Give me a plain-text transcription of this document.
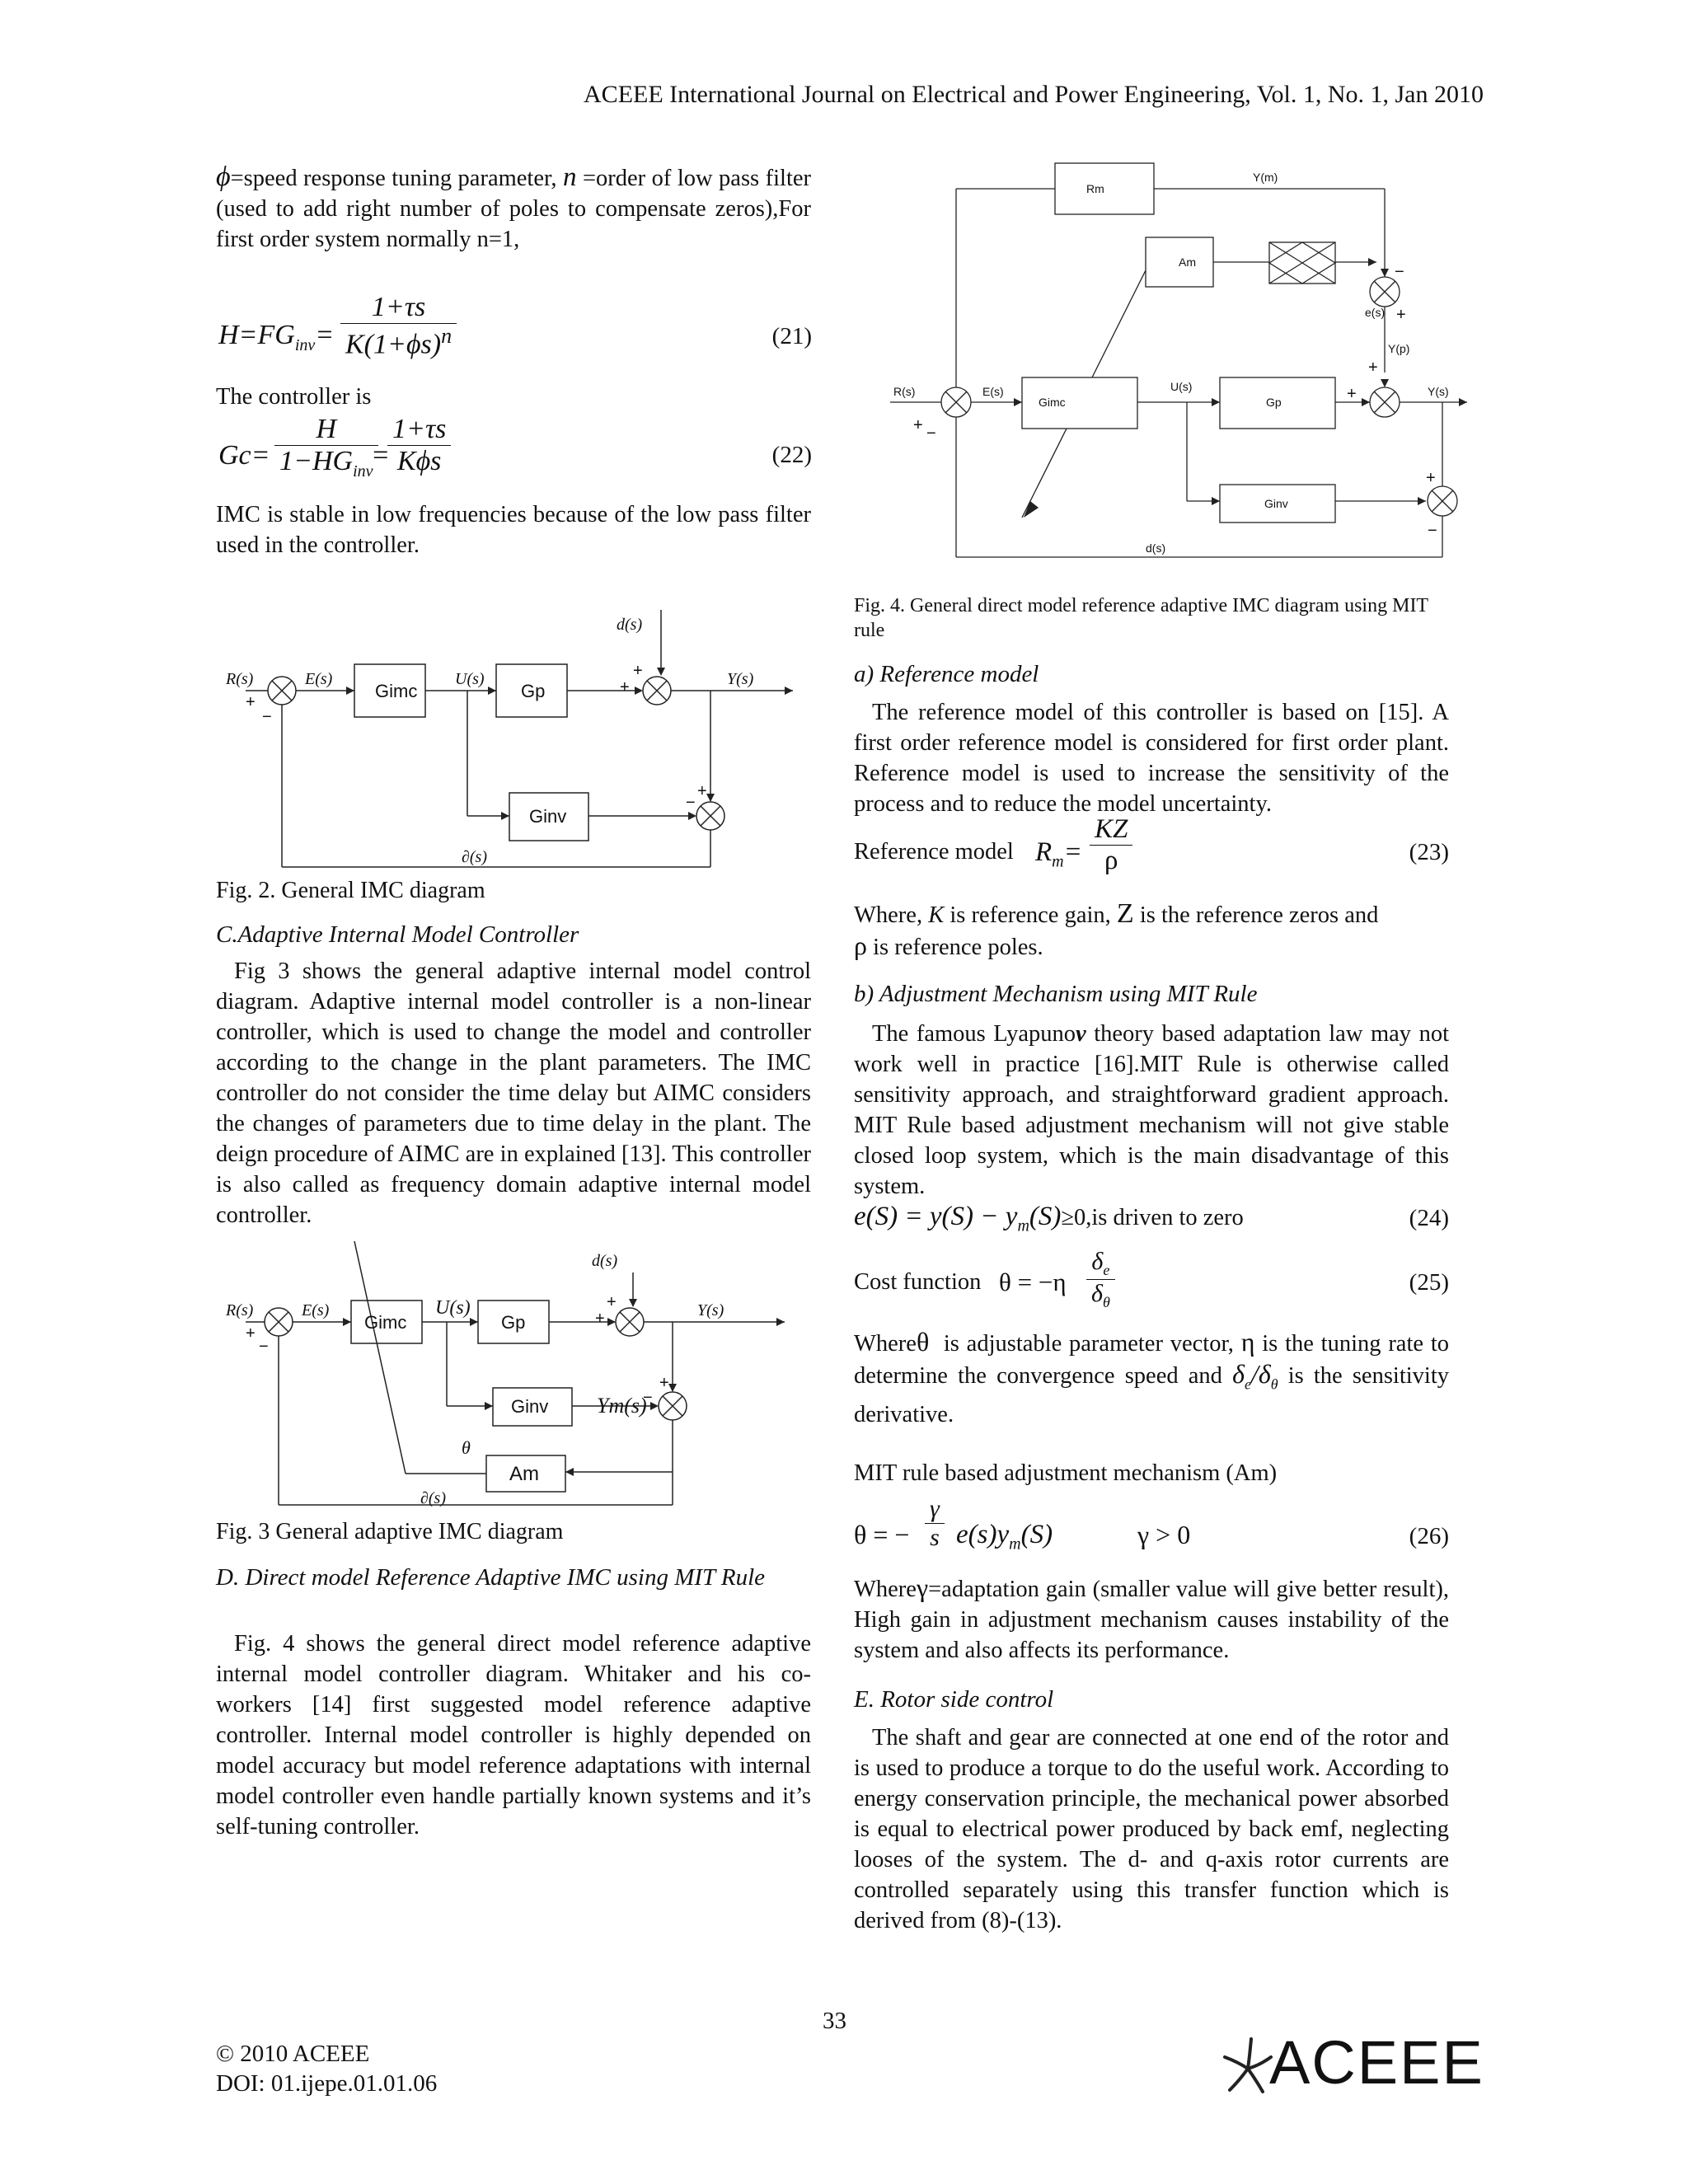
ACEEE International Journal on Electrical and Power Engineering, Vol. 1, No. 1, Jan 2010

ϕ=speed response tuning parameter, n =order of low pass filter (used to add right number of poles to compensate zeros),For first order system normally n=1,

$H=FG_{inv}= \frac{1+\tau s}{K(1+\phi s)^n}$	(21)
The controller is
Gc=
H
$1-HG_{inv}$
=
1+τs
Kϕs	(22)

IMC is stable in low frequencies because of the low pass filter used in the controller.

R(s)	E(s)	U(s)	Y(s)
d(s)
∂(s)
Gimc	Gp
Ginv
+
−
+
+
−
+
Fig. 2. General IMC diagram
C.Adaptive Internal Model Controller

Fig 3 shows the general adaptive internal model control diagram. Adaptive internal model controller is a non-linear controller, which is used to change the model and controller according to the change in the plant parameters. The IMC controller do not consider the time delay but AIMC considers the changes of parameters due to time delay in the plant. The deign procedure of AIMC are in explained [13]. This controller is also called as frequency domain adaptive internal model controller.

R(s)	E(s)	U(s)	Y(s)
d(s)
∂(s)
Ym(s)
θ
Gimc	Gp
Ginv
Am
+
−
+
+
+
−
Fig. 3 General adaptive IMC diagram
D. Direct model Reference Adaptive IMC using MIT Rule

Fig. 4 shows the general direct model reference adaptive internal model controller diagram. Whitaker and his co-workers [14] first suggested model reference adaptive controller. Internal model controller is highly depended on model accuracy but model reference adaptations with internal model controller even handle partially known systems and it’s self-tuning controller.

Rm
Am
Gimc	Gp
Ginv
Y(m)
e(s)
Y(p)
R(s)	E(s)	U(s)	Y(s)
d(s)
+ −
−
+
+
+
+
−
Fig. 4. General direct model reference adaptive IMC diagram using MIT rule
a) Reference model

The reference model of this controller is based on [15]. A first order reference model is considered for first order plant. Reference model is used to increase the sensitivity of the process and to reduce the model uncertainty.

Reference model $R_m= \frac{KZ}{\rho}$	(23)

Where, K is reference gain, Z is the reference zeros and
ρ is reference poles.

b) Adjustment Mechanism using MIT Rule

The famous Lyapunov theory based adaptation law may not work well in practice [16].MIT Rule is otherwise called sensitivity approach, and straightforward gradient approach. MIT Rule based adjustment mechanism will not give stable closed loop system, which is the main disadvantage of this system.

$e(S) = y(S) - y_m(S)\ge 0,is$ driven to zero	(24)
Cost function $\theta = -\eta \frac{\delta_e}{\delta_\theta}$	(25)
Whereθ is adjustable parameter vector, η is the tuning rate to determine the convergence speed and $\delta_e/\delta_\theta$ is the sensitivity derivative.
MIT rule based adjustment mechanism (Am)
θ = − $\frac{\gamma}{s} e(s)y_m(S)$	γ > 0	(26)

Whereγ=adaptation gain (smaller value will give better result), High gain in adjustment mechanism causes instability of the system and also affects its performance.

E. Rotor side control

The shaft and gear are connected at one end of the rotor and is used to produce a torque to do the useful work. According to energy conservation principle, the mechanical power absorbed is equal to electrical power produced by back emf, neglecting looses of the system. The d- and q-axis rotor currents are controlled separately using this transfer function which is derived from (8)-(13).

33
© 2010 ACEEE
DOI: 01.ijepe.01.01.06	ACEEE
